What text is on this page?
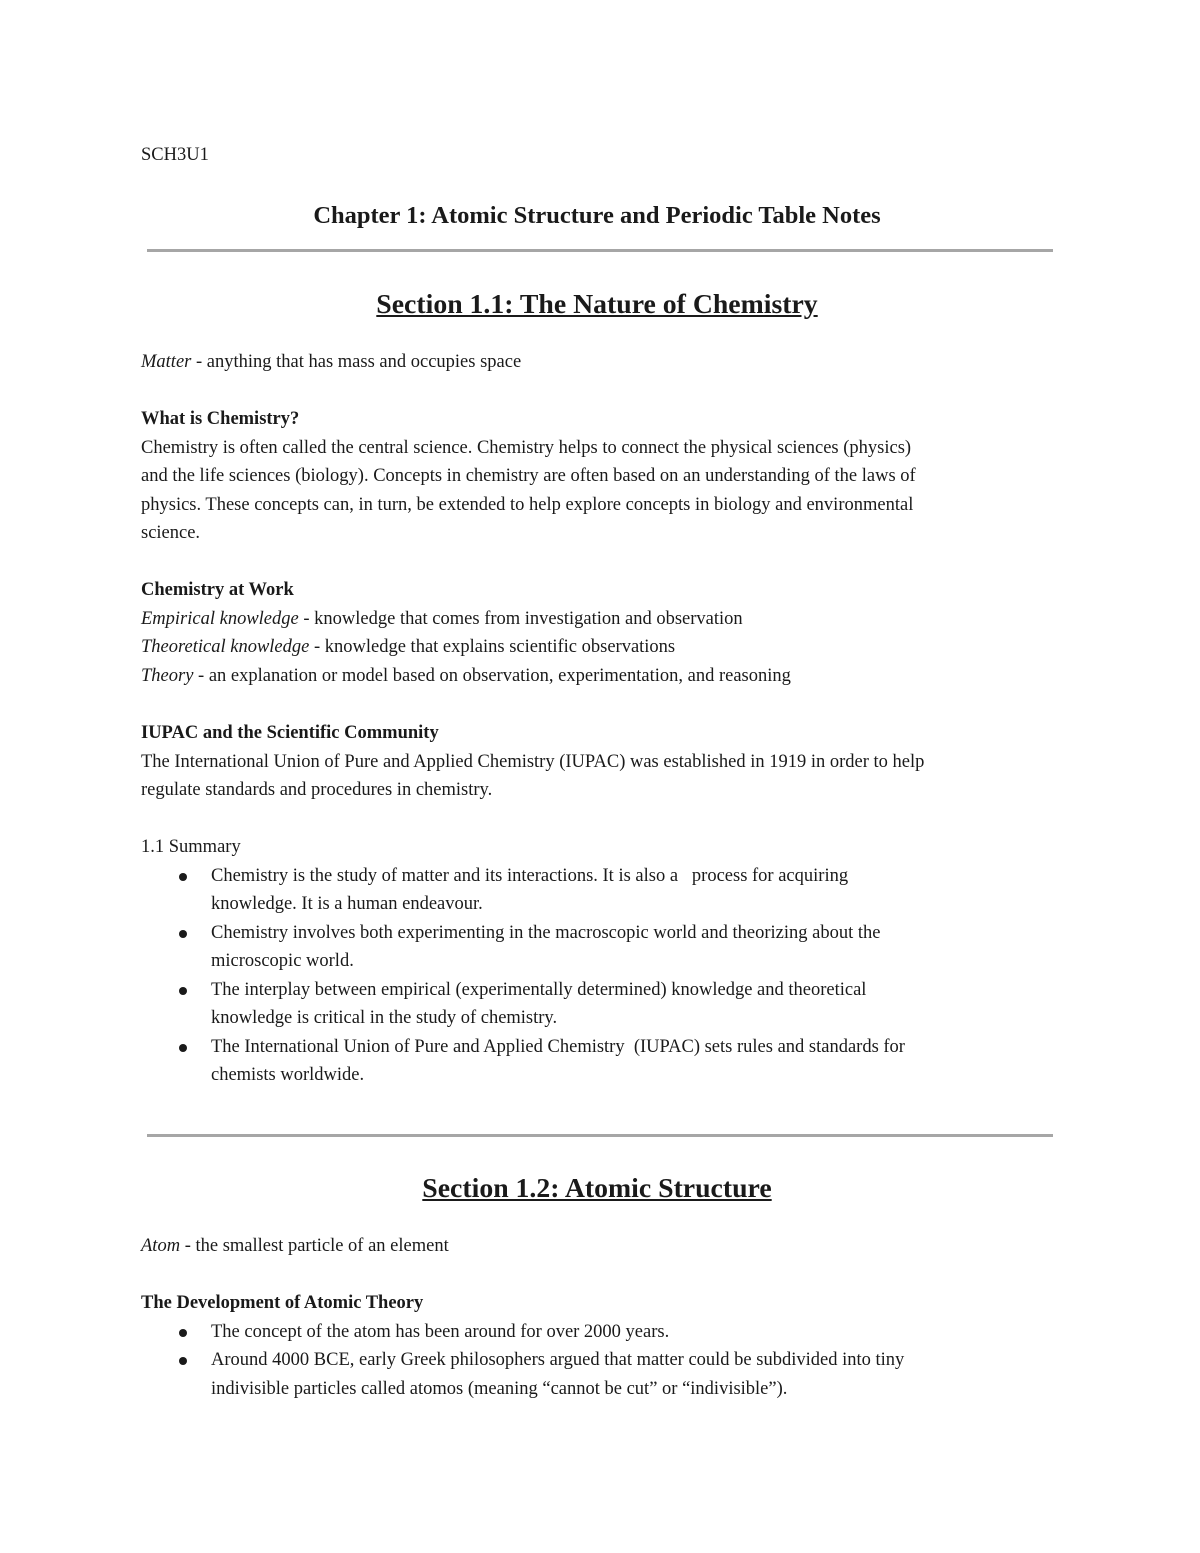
SCH3U1

Chapter 1: Atomic Structure and Periodic Table Notes
Section 1.1: The Nature of Chemistry

Matter - anything that has mass and occupies space

What is Chemistry?

Chemistry is often called the central science. Chemistry helps to connect the physical sciences (physics)

and the life sciences (biology). Concepts in chemistry are often based on an understanding of the laws of

physics. These concepts can, in turn, be extended to help explore concepts in biology and environmental

science.

Chemistry at Work

Empirical knowledge - knowledge that comes from investigation and observation

Theoretical knowledge - knowledge that explains scientific observations

Theory - an explanation or model based on observation, experimentation, and reasoning

IUPAC and the Scientific Community

The International Union of Pure and Applied Chemistry (IUPAC) was established in 1919 in order to help

regulate standards and procedures in chemistry.

1.1 Summary

Chemistry is the study of matter and its interactions. It is also a   process for acquiring
knowledge. It is a human endeavour.
Chemistry involves both experimenting in the macroscopic world and theorizing about the
microscopic world.
The interplay between empirical (experimentally determined) knowledge and theoretical
knowledge is critical in the study of chemistry.
The International Union of Pure and Applied Chemistry  (IUPAC) sets rules and standards for
chemists worldwide.
Section 1.2: Atomic Structure

Atom - the smallest particle of an element

The Development of Atomic Theory

The concept of the atom has been around for over 2000 years.
Around 4000 BCE, early Greek philosophers argued that matter could be subdivided into tiny
indivisible particles called atomos (meaning “cannot be cut” or “indivisible”).
